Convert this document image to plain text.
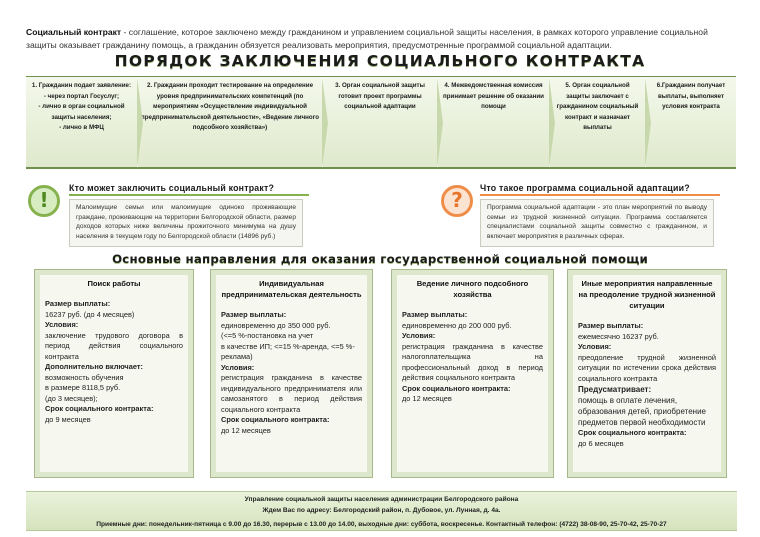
Социальный контракт - соглашение, которое заключено между гражданином и управлением социальной защиты населения, в рамках которого управление социальной защиты оказывает гражданину помощь, а гражданин обязуется реализовать мероприятия, предусмотренные программой социальной адаптации.

ПОРЯДОК ЗАКЛЮЧЕНИЯ СОЦИАЛЬНОГО КОНТРАКТА
1. Гражданин подает заявление:
- через портал Госуслуг;
- лично в орган социальной защиты населения;
- лично в МФЦ
2. Гражданин проходит тестирование на определение уровня предпринимательских компетенций (по мероприятиям «Осуществление индивидуальной предпринимательской деятельности», «Ведение личного подсобного хозяйства»)
3. Орган социальной защиты готовит проект программы социальной адаптации
4. Межведомственная комиссия принимает решение об оказании помощи
5. Орган социальной защиты заключает с гражданином социальный контракт и назначает выплаты
6.Гражданин получает выплаты, выполняет условия контракта
!
Кто может заключить социальный контракт?
Малоимущие семьи или малоимущие одиноко проживающие граждане, проживающие на территории Белгородской области, размер доходов которых ниже величины прожиточного минимума на душу населения в текущем году по Белгородской области (14896 руб.)
?
Что такое программа социальной адаптации?
Программа социальной адаптации - это план мероприятий по выводу семьи из трудной жизненной ситуации. Программа составляется специалистами социальной защиты совместно с гражданином, и включает мероприятия в различных сферах.
Основные направления для оказания государственной социальной помощи
Поиск работы
Размер выплаты:
16237 руб. (до 4 месяцев)
Условия:
заключение трудового договора в период действия социального контракта
Дополнительно включает:
возможность обучения
в размере 8118,5 руб.
(до 3 месяцев);
Срок социального контракта:
до 9 месяцев
Индивидуальная предпринимательская деятельность
Размер выплаты:
единовременно до 350 000 руб.
(<=5 %-постановка на учет
в качестве ИП; <=15 %-аренда, <=5 %-реклама)
Условия:
регистрация гражданина в качестве индивидуального предпринимателя или самозанятого в период действия социального контракта
Срок социального контракта:
до 12 месяцев
Ведение личного подсобного хозяйства
Размер выплаты:
единовременно до 200 000 руб.
Условия:
регистрация гражданина в качестве налогоплательщика на профессиональный доход в период действия социального контракта
Срок социального контракта:
до 12 месяцев
Иные мероприятия направленные на преодоление трудной жизненной ситуации
Размер выплаты:
ежемесячно 16237 руб.
Условия:
преодоление трудной жизненной ситуации по истечении срока действия социального контракта
Предусматривает:
помощь в оплате лечения, образования детей, приобретение предметов первой необходимости
Срок социального контракта:
до 6 месяцев
Управление социальной защиты населения администрации Белгородского района
Ждем Вас по адресу: Белгородский район, п. Дубовое, ул. Лунная, д. 4а.
Приемные дни: понедельник-пятница с 9.00 до 16.30, перерыв с 13.00 до 14.00, выходные дни: суббота, воскресенье. Контактный телефон: (4722) 38-08-90, 25-70-42, 25-70-27
